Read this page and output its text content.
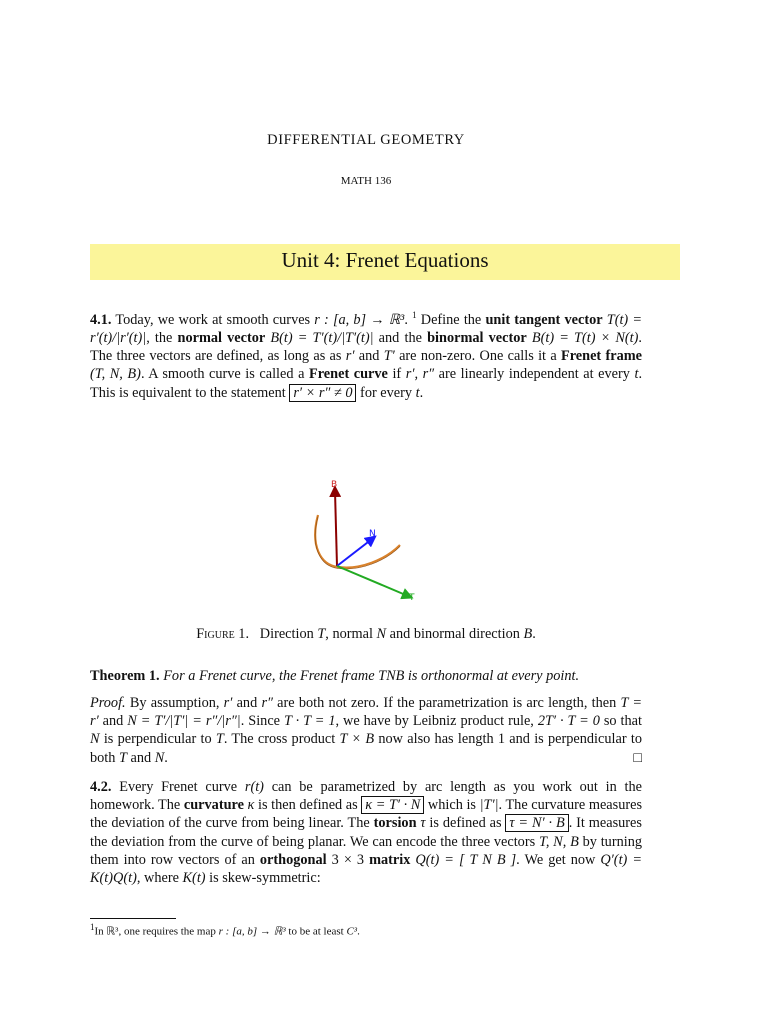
DIFFERENTIAL GEOMETRY
MATH 136
Unit 4: Frenet Equations
4.1. Today, we work at smooth curves r : [a, b] → ℝ³. $^1$ Define the unit tangent vector T(t) = r′(t)/|r′(t)|, the normal vector B(t) = T′(t)/|T′(t)| and the binormal vector B(t) = T(t) × N(t). The three vectors are defined, as long as as r′ and T′ are non-zero. One calls it a Frenet frame (T, N, B). A smooth curve is called a Frenet curve if r′, r″ are linearly independent at every t. This is equivalent to the statement r′ × r″ ≠ 0 for every t.
B
N
T
Figure 1. Direction T, normal N and binormal direction B.
Theorem 1. For a Frenet curve, the Frenet frame TNB is orthonormal at every point.
Proof. By assumption, r′ and r″ are both not zero. If the parametrization is arc length, then T = r′ and N = T′/|T′| = r″/|r″|. Since T · T = 1, we have by Leibniz product rule, 2T′ · T = 0 so that N is perpendicular to T. The cross product T × B now also has length 1 and is perpendicular to both T and N.	□
4.2. Every Frenet curve r(t) can be parametrized by arc length as you work out in the homework. The curvature κ is then defined as κ = T′ · N which is |T′|. The curvature measures the deviation of the curve from being linear. The torsion τ is defined as τ = N′ · B . It measures the deviation from the curve of being planar. We can encode the three vectors T, N, B by turning them into row vectors of an orthogonal 3 × 3 matrix Q(t) = [ T N B ]. We get now Q′(t) = K(t)Q(t), where K(t) is skew-symmetric:
$^1$In ℝ³, one requires the map r : [a, b] → ℝ³ to be at least C³.
